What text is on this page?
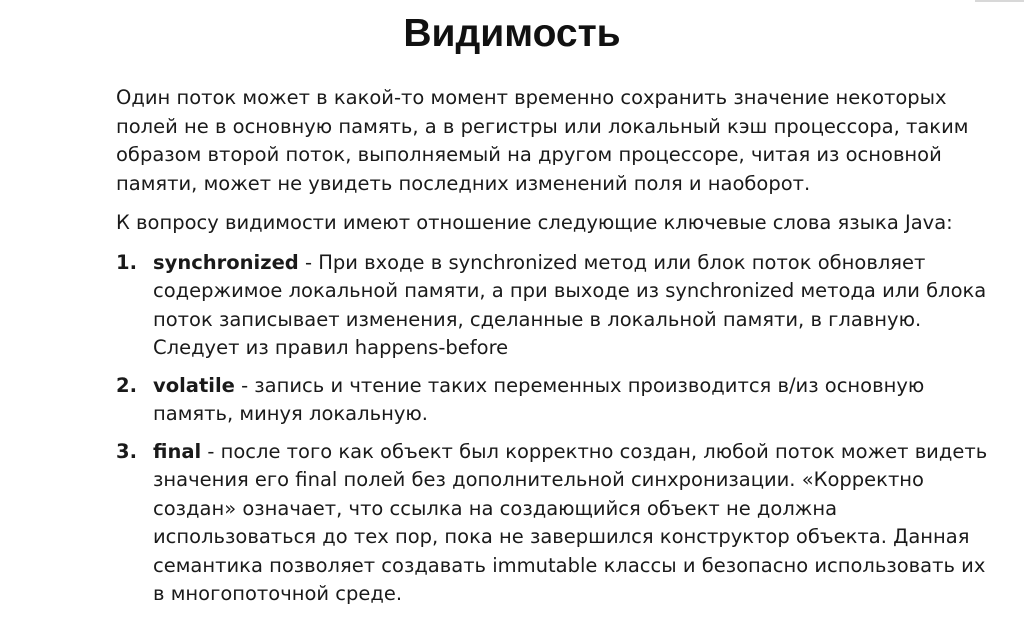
Видимость

Один поток может в какой-то момент временно сохранить значение некоторых полей не в основную память, а в регистры или локальный кэш процессора, таким образом второй поток, выполняемый на другом процессоре, читая из основной памяти, может не увидеть последних изменений поля и наоборот.

К вопросу видимости имеют отношение следующие ключевые слова языка Java:

1. synchronized - При входе в synchronized метод или блок поток обновляет содержимое локальной памяти, а при выходе из synchronized метода или блока поток записывает изменения, сделанные в локальной памяти, в главную. Следует из правил happens-before
2. volatile - запись и чтение таких переменных производится в/из основную память, минуя локальную.
3. final - после того как объект был корректно создан, любой поток может видеть значения его final полей без дополнительной синхронизации. «Корректно создан» означает, что ссылка на создающийся объект не должна использоваться до тех пор, пока не завершился конструктор объекта. Данная семантика позволяет создавать immutable классы и безопасно использовать их в многопоточной среде.
